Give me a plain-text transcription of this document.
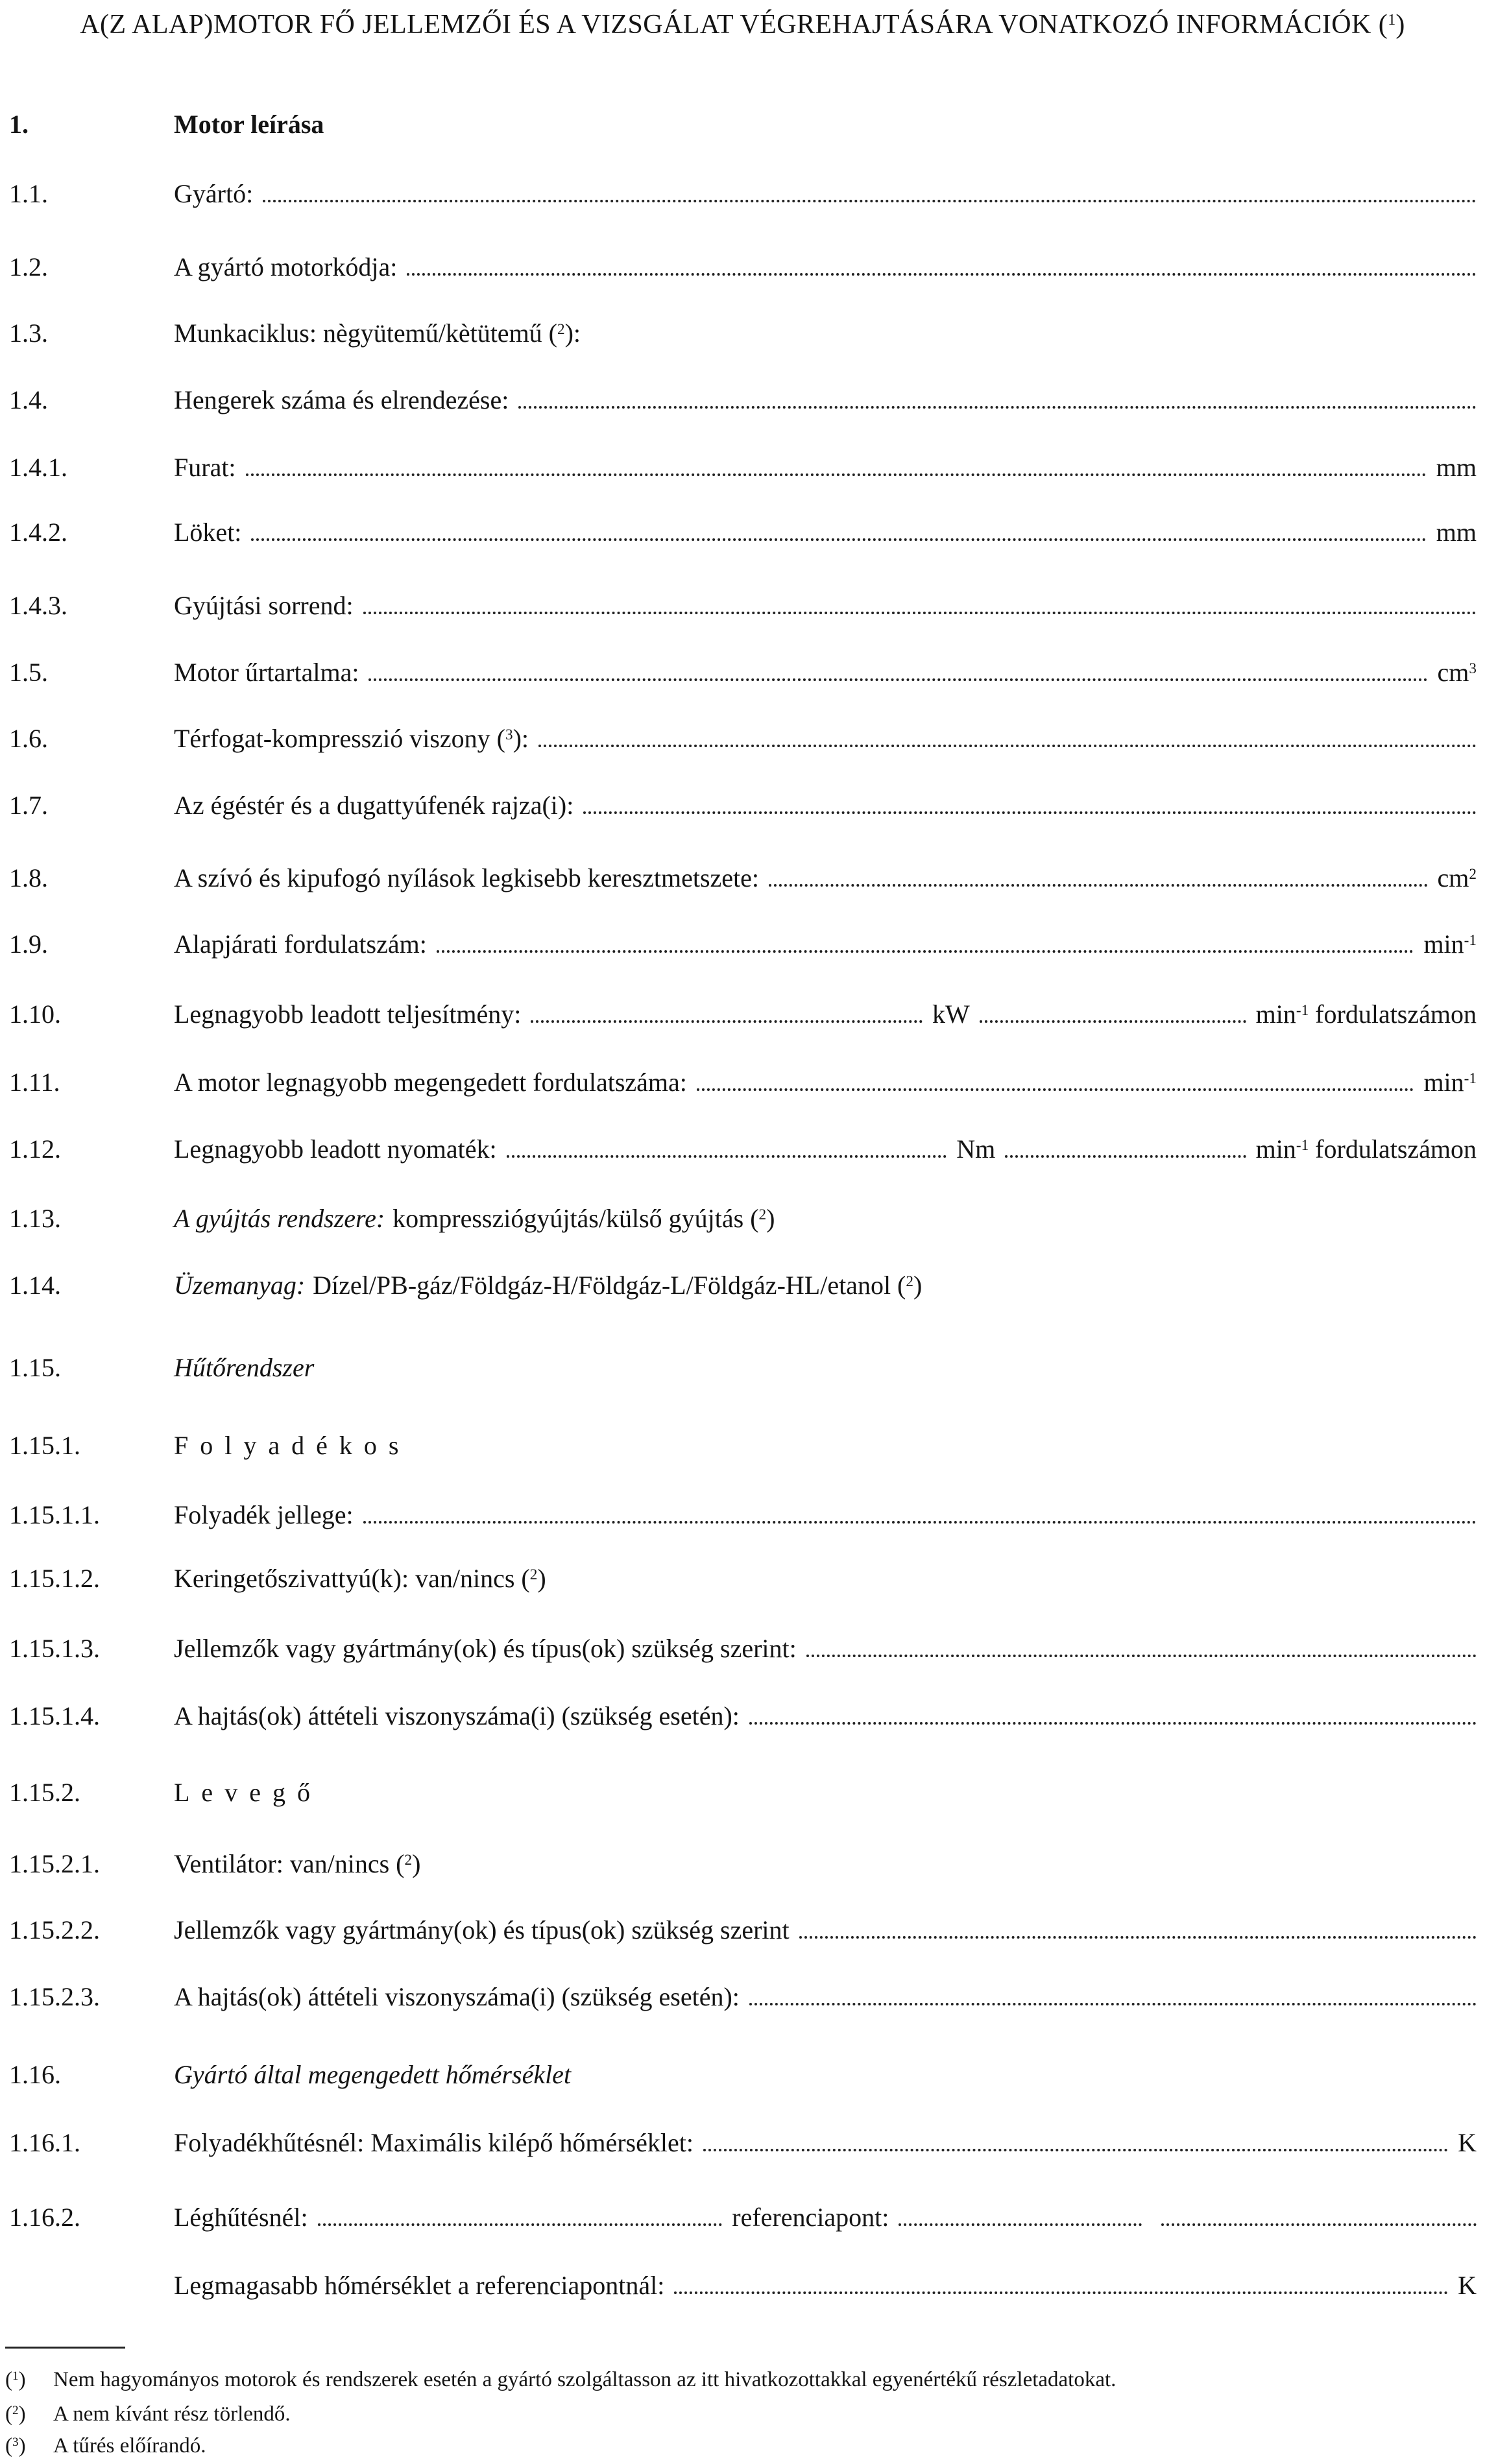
A(Z ALAP)MOTOR FŐ JELLEMZŐI ÉS A VIZSGÁLAT VÉGREHAJTÁSÁRA VONATKOZÓ INFORMÁCIÓK (1)
1.	Motor leírása
1.1.	Gyártó:
1.2.	A gyártó motorkódja:
1.3.	Munkaciklus: nègyütemű/kètütemű (2):
1.4.	Hengerek száma és elrendezése:
1.4.1.	Furat:	mm
1.4.2.	Löket:	mm
1.4.3.	Gyújtási sorrend:
1.5.	Motor űrtartalma:	cm3
1.6.	Térfogat-kompresszió viszony (3):
1.7.	Az égéstér és a dugattyúfenék rajza(i):
1.8.	A szívó és kipufogó nyílások legkisebb keresztmetszete:	cm2
1.9.	Alapjárati fordulatszám:	min-1
1.10.	Legnagyobb leadott teljesítmény:	kW	min-1 fordulatszámon
1.11.	A motor legnagyobb megengedett fordulatszáma:	min-1
1.12.	Legnagyobb leadott nyomaték:	Nm	min-1 fordulatszámon
1.13.	A gyújtás rendszere: kompressziógyújtás/külső gyújtás (2)
1.14.	Üzemanyag: Dízel/PB-gáz/Földgáz-H/Földgáz-L/Földgáz-HL/etanol (2)
1.15.	Hűtőrendszer
1.15.1.	Folyadékos
1.15.1.1.	Folyadék jellege:
1.15.1.2.	Keringetőszivattyú(k): van/nincs (2)
1.15.1.3.	Jellemzők vagy gyártmány(ok) és típus(ok) szükség szerint:
1.15.1.4.	A hajtás(ok) áttételi viszonyszáma(i) (szükség esetén):
1.15.2.	Levegő
1.15.2.1.	Ventilátor: van/nincs (2)
1.15.2.2.	Jellemzők vagy gyártmány(ok) és típus(ok) szükség szerint
1.15.2.3.	A hajtás(ok) áttételi viszonyszáma(i) (szükség esetén):
1.16.	Gyártó által megengedett hőmérséklet
1.16.1.	Folyadékhűtésnél: Maximális kilépő hőmérséklet:	K
1.16.2.	Léghűtésnél:	referenciapont:
Legmagasabb hőmérséklet a referenciapontnál:	K
(1)	Nem hagyományos motorok és rendszerek esetén a gyártó szolgáltasson az itt hivatkozottakkal egyenértékű részletadatokat.
(2)	A nem kívánt rész törlendő.
(3)	A tűrés előírandó.
